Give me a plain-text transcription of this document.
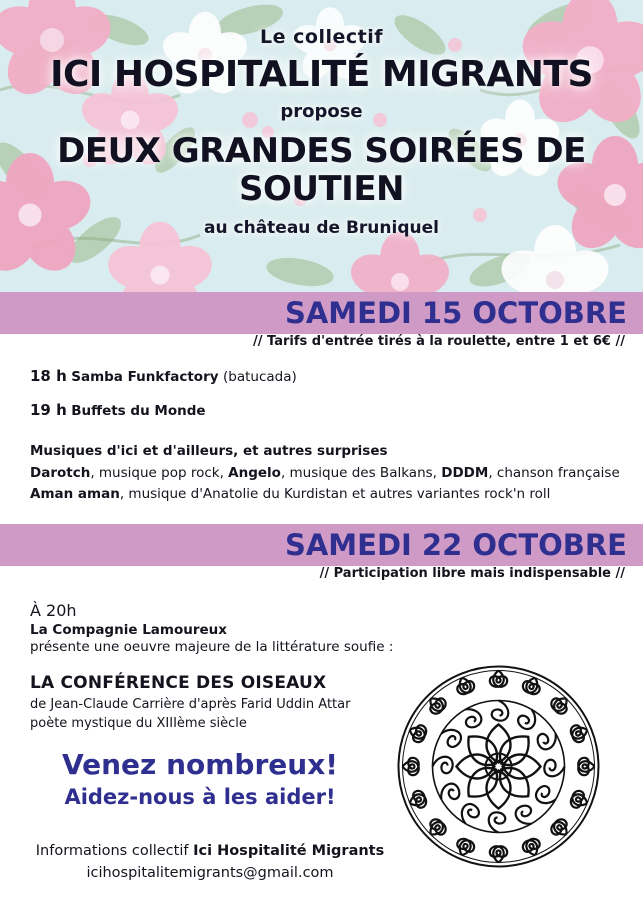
Le collectif
ICI HOSPITALITÉ MIGRANTS
propose
DEUX GRANDES SOIRÉES DE
SOUTIEN
au château de Bruniquel
SAMEDI 15 OCTOBRE
// Tarifs d'entrée tirés à la roulette, entre 1 et 6€ //
18 h Samba Funkfactory (batucada)
19 h Buffets du Monde
Musiques d'ici et d'ailleurs, et autres surprises
Darotch, musique pop rock, Angelo, musique des Balkans, DDDM, chanson française
Aman aman, musique d'Anatolie du Kurdistan et autres variantes rock'n roll
SAMEDI 22 OCTOBRE
// Participation libre mais indispensable //
À 20h
La Compagnie Lamoureux
présente une oeuvre majeure de la littérature soufie :
LA CONFÉRENCE DES OISEAUX
de Jean-Claude Carrière d'après Farid Uddin Attar
poète mystique du XIIIème siècle
Venez nombreux!
Aidez-nous à les aider!
Informations collectif Ici Hospitalité Migrants
icihospitalitemigrants@gmail.com
